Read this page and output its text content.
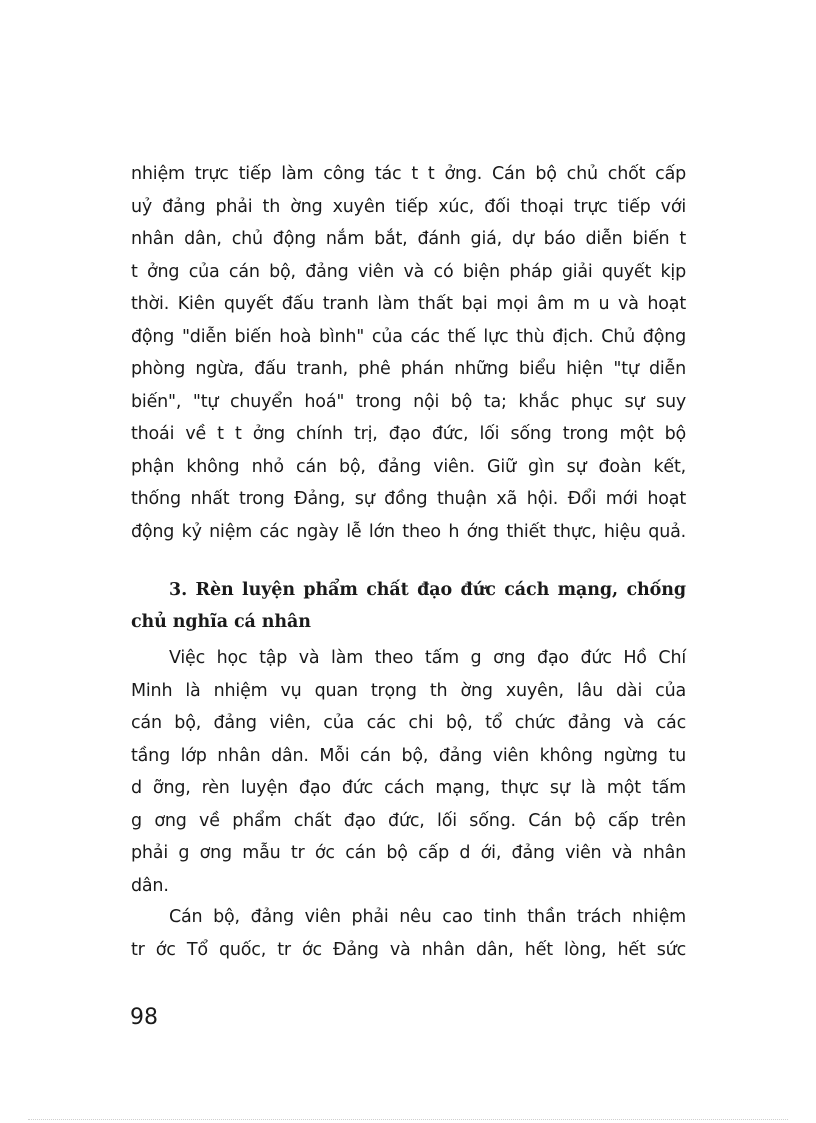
nhiệm trực tiếp làm công tác t t ởng. Cán bộ chủ chốt cấp
uỷ đảng phải th ờng xuyên tiếp xúc, đối thoại trực tiếp với
nhân dân, chủ động nắm bắt, đánh giá, dự báo diễn biến t
t ởng của cán bộ, đảng viên và có biện pháp giải quyết kịp
thời. Kiên quyết đấu tranh làm thất bại mọi âm m u và hoạt
động "diễn biến hoà bình" của các thế lực thù địch. Chủ động
phòng ngừa, đấu tranh, phê phán những biểu hiện "tự diễn
biến", "tự chuyển hoá" trong nội bộ ta; khắc phục sự suy
thoái về t t ởng chính trị, đạo đức, lối sống trong một bộ
phận không nhỏ cán bộ, đảng viên. Giữ gìn sự đoàn kết,
thống nhất trong Đảng, sự đồng thuận xã hội. Đổi mới hoạt
động kỷ niệm các ngày lễ lớn theo h ớng thiết thực, hiệu quả.
3. Rèn luyện phẩm chất đạo đức cách mạng, chống
chủ nghĩa cá nhân
Việc học tập và làm theo tấm g ơng đạo đức Hồ Chí
Minh là nhiệm vụ quan trọng th ờng xuyên, lâu dài của
cán bộ, đảng viên, của các chi bộ, tổ chức đảng và các
tầng lớp nhân dân. Mỗi cán bộ, đảng viên không ngừng tu
d ỡng, rèn luyện đạo đức cách mạng, thực sự là một tấm
g ơng về phẩm chất đạo đức, lối sống. Cán bộ cấp trên
phải g ơng mẫu tr ớc cán bộ cấp d ới, đảng viên và nhân
dân.
Cán bộ, đảng viên phải nêu cao tinh thần trách nhiệm
tr ớc Tổ quốc, tr ớc Đảng và nhân dân, hết lòng, hết sức
98
